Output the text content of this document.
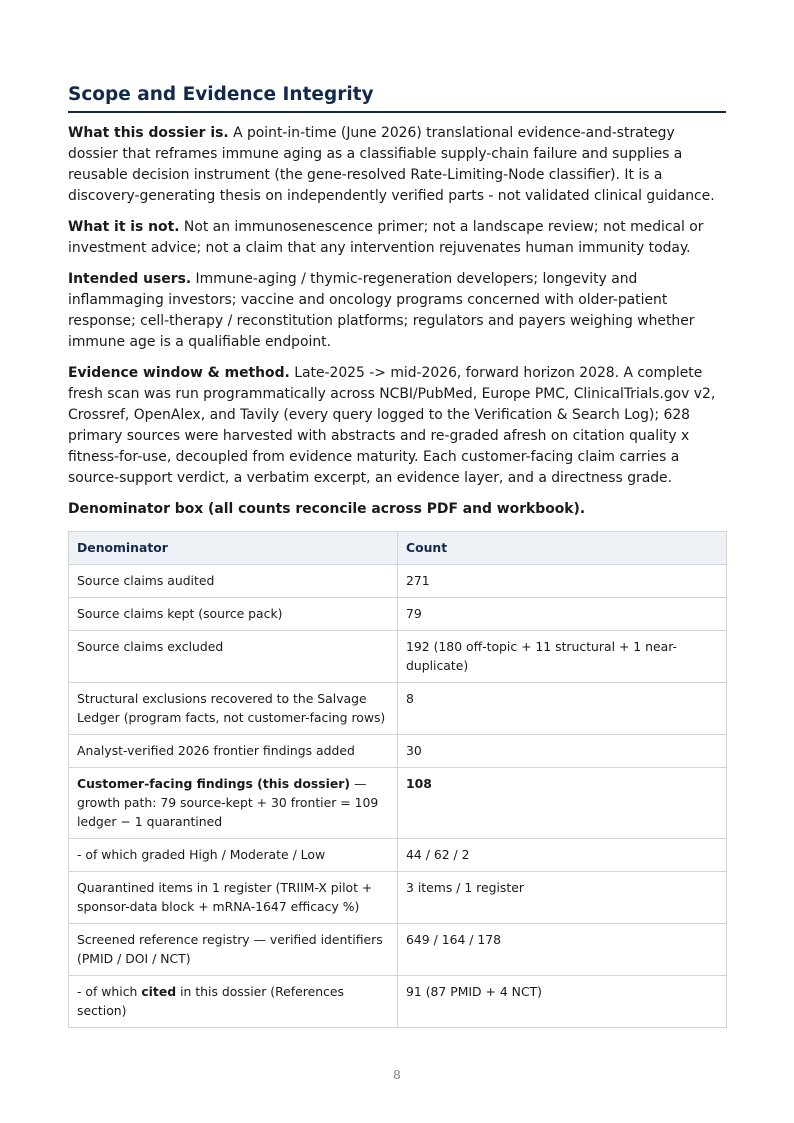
Scope and Evidence Integrity

What this dossier is. A point-in-time (June 2026) translational evidence-and-strategy dossier that reframes immune aging as a classifiable supply-chain failure and supplies a reusable decision instrument (the gene-resolved Rate-Limiting-Node classifier). It is a discovery-generating thesis on independently verified parts - not validated clinical guidance.

What it is not. Not an immunosenescence primer; not a landscape review; not medical or investment advice; not a claim that any intervention rejuvenates human immunity today.

Intended users. Immune-aging / thymic-regeneration developers; longevity and inflammaging investors; vaccine and oncology programs concerned with older-patient response; cell-therapy / reconstitution platforms; regulators and payers weighing whether immune age is a qualifiable endpoint.

Evidence window & method. Late-2025 -> mid-2026, forward horizon 2028. A complete fresh scan was run programmatically across NCBI/PubMed, Europe PMC, ClinicalTrials.gov v2, Crossref, OpenAlex, and Tavily (every query logged to the Verification & Search Log); 628 primary sources were harvested with abstracts and re-graded afresh on citation quality x fitness-for-use, decoupled from evidence maturity. Each customer-facing claim carries a source-support verdict, a verbatim excerpt, an evidence layer, and a directness grade.

Denominator box (all counts reconcile across PDF and workbook).

Denominator	Count
Source claims audited	271
Source claims kept (source pack)	79
Source claims excluded	192 (180 off-topic + 11 structural + 1 near-duplicate)
Structural exclusions recovered to the Salvage Ledger (program facts, not customer-facing rows)	8
Analyst-verified 2026 frontier findings added	30
Customer-facing findings (this dossier) — growth path: 79 source-kept + 30 frontier = 109 ledger − 1 quarantined	108
- of which graded High / Moderate / Low	44 / 62 / 2
Quarantined items in 1 register (TRIIM-X pilot + sponsor-data block + mRNA-1647 efficacy %)	3 items / 1 register
Screened reference registry — verified identifiers (PMID / DOI / NCT)	649 / 164 / 178
- of which cited in this dossier (References section)	91 (87 PMID + 4 NCT)
8
